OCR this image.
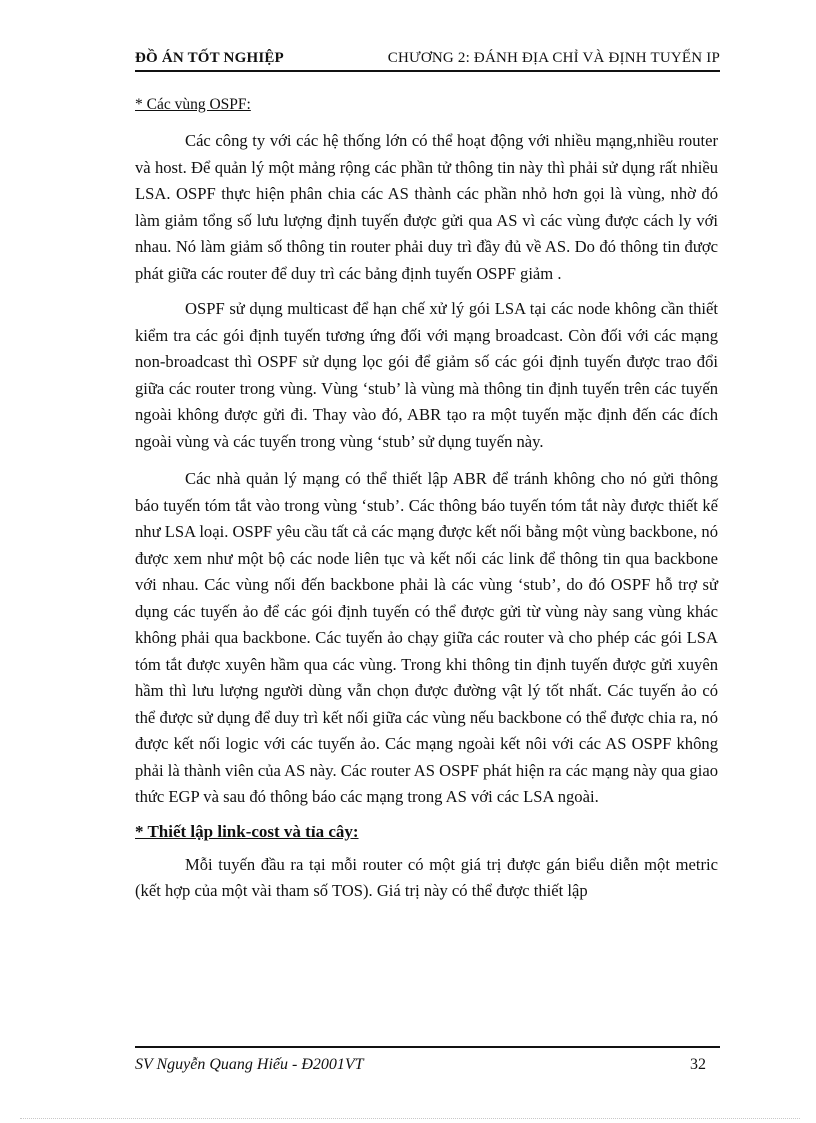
ĐỒ ÁN TỐT NGHIỆP	CHƯƠNG 2: ĐÁNH ĐỊA CHỈ VÀ ĐỊNH TUYẾN IP

* Các vùng OSPF:

Các công ty với các hệ thống lớn có thể hoạt động với nhiều mạng,nhiều router và host. Để quản lý một mảng rộng các phần tử thông tin này thì phải sử dụng rất nhiều LSA. OSPF thực hiện phân chia các AS thành các phần nhỏ hơn gọi là vùng, nhờ đó làm giảm tổng số lưu lượng định tuyến được gửi qua AS vì các vùng được cách ly với nhau. Nó làm giảm số thông tin router phải duy trì đầy đủ về AS. Do đó thông tin được phát giữa các router để duy trì các bảng định tuyến OSPF giảm .

OSPF sử dụng multicast để hạn chế xử lý gói LSA tại các node không cần thiết kiểm tra các gói định tuyến tương ứng đối với mạng broadcast. Còn đối với các mạng non-broadcast thì OSPF sử dụng lọc gói để giảm số các gói định tuyến được trao đổi giữa các router trong vùng. Vùng ‘stub’ là vùng mà thông tin định tuyến trên các tuyến ngoài không được gửi đi. Thay vào đó, ABR tạo ra một tuyến mặc định đến các đích ngoài vùng và các tuyến trong vùng ‘stub’ sử dụng tuyến này.

Các nhà quản lý mạng có thể thiết lập ABR để tránh không cho nó gửi thông báo tuyến tóm tắt vào trong vùng ‘stub’. Các thông báo tuyến tóm tắt này được thiết kế như LSA loại. OSPF yêu cầu tất cả các mạng được kết nối bằng một vùng backbone, nó được xem như một bộ các node liên tục và kết nối các link để thông tin qua backbone với nhau. Các vùng nối đến backbone phải là các vùng ‘stub’, do đó OSPF hỗ trợ sử dụng các tuyến ảo để các gói định tuyến có thể được gửi từ vùng này sang vùng khác không phải qua backbone. Các tuyến ảo chạy giữa các router và cho phép các gói LSA tóm tắt được xuyên hầm qua các vùng. Trong khi thông tin định tuyến được gửi xuyên hầm thì lưu lượng người dùng vẫn chọn được đường vật lý tốt nhất. Các tuyến ảo có thể được sử dụng để duy trì kết nối giữa các vùng nếu backbone có thể được chia ra, nó được kết nối logic với các tuyến ảo. Các mạng ngoài kết nôi với các AS OSPF không phải là thành viên của AS này. Các router AS OSPF phát hiện ra các mạng này qua giao thức EGP và sau đó thông báo các mạng trong AS với các LSA ngoài.

* Thiết lập link-cost và tỉa cây:

Mỗi tuyến đầu ra tại mỗi router có một giá trị được gán biểu diễn một metric (kết hợp của một vài tham số TOS). Giá trị này có thể được thiết lập

SV Nguyễn Quang Hiếu - Đ2001VT	32
